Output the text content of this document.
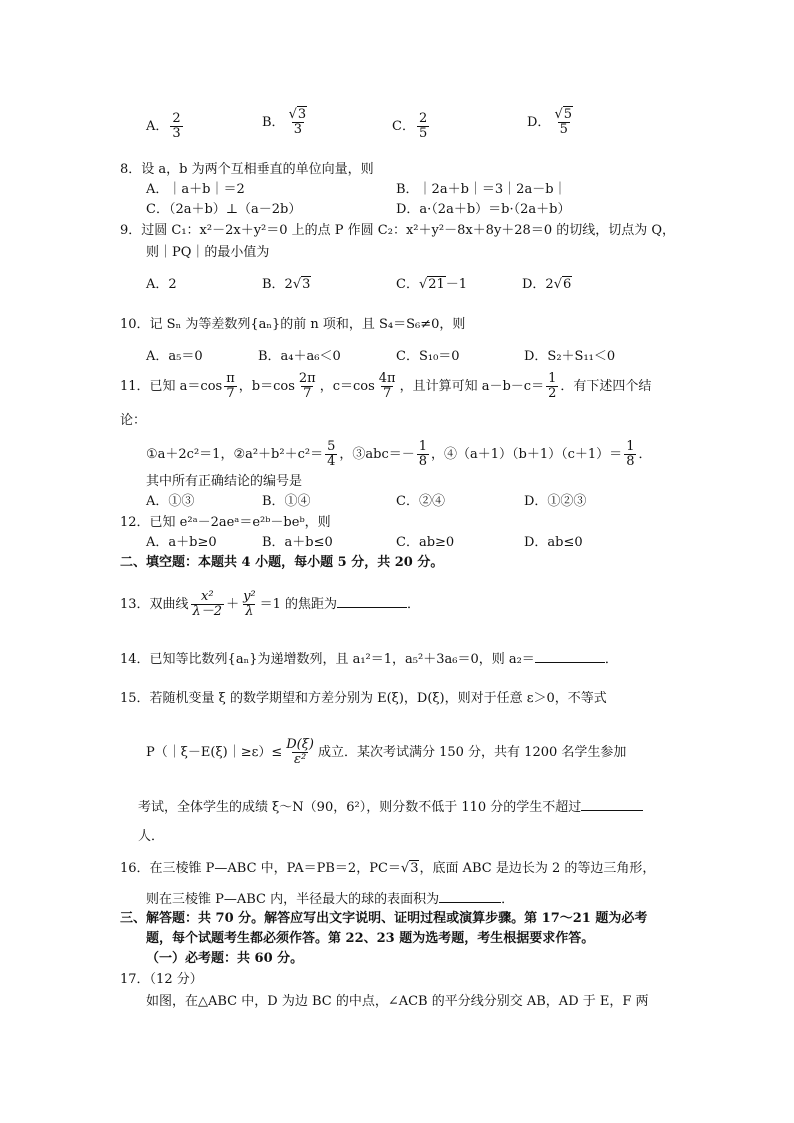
A． $\frac{2}{3}$	B． $\frac{√3}{3}$	C． $\frac{2}{5}$	D． $\frac{√5}{5}$
8．设 a，b 为两个互相垂直的单位向量，则
A．｜a＋b｜＝2	B．｜2a＋b｜＝3｜2a－b｜
C．（2a＋b）⊥（a－2b）	D．a·（2a＋b）＝b·（2a＋b）
9．过圆 C₁：x²－2x＋y²＝0 上的点 P 作圆 C₂：x²＋y²－8x＋8y＋28＝0 的切线，切点为 Q，
则｜PQ｜的最小值为
A．2	B．2√3	C．√21－1	D．2√6
10．记 Sₙ 为等差数列{aₙ}的前 n 项和，且 S₄＝S₆≠0，则
A．a₅＝0	B．a₄＋a₆＜0	C．S₁₀＝0	D．S₂＋S₁₁＜0
11．已知 $a=\cos \frac{\pi}{7}$ ，$b=\cos \frac{2\pi}{7}$ ，$c=\cos \frac{4\pi}{7}$ ，且计算可知 $a-b-c= \frac{1}{2}$ ．有下述四个结
论：
①a＋2c²＝1，②a²＋b²＋c²＝ $\frac{5}{4}$ ，③abc＝－ $\frac{1}{8}$ ，④（a＋1）（b＋1）（c＋1）＝ $\frac{1}{8}$ ．
其中所有正确结论的编号是
A．①③	B．①④	C．②④	D．①②③
12．已知 e²ᵃ－2aeᵃ＝e²ᵇ－beᵇ，则
A．a＋b≥0	B．a＋b≤0	C．ab≥0	D．ab≤0
二、填空题：本题共 4 小题，每小题 5 分，共 20 分。
13．双曲线 $\frac{\text{x²}}{\lambda-2} + \frac{\text{y²}}{\lambda} =1$ 的焦距为	．
14．已知等比数列{aₙ}为递增数列，且 a₁²＝1，a₅²＋3a₆＝0，则 a₂＝	．
15．若随机变量 ξ 的数学期望和方差分别为 E(ξ)，D(ξ)，则对于任意 ε＞0，不等式
P（｜ξ－E(ξ)｜≥ε）≤ $\frac{D(\xi)}{\text{ε²}}$ 成立．某次考试满分 150 分，共有 1200 名学生参加
考试，全体学生的成绩 ξ～N（90，6²），则分数不低于 110 分的学生不超过
人．
16．在三棱锥 P—ABC 中，PA＝PB＝2，PC＝√3，底面 ABC 是边长为 2 的等边三角形，
则在三棱锥 P—ABC 内，半径最大的球的表面积为	．
三、解答题：共 70 分。解答应写出文字说明、证明过程或演算步骤。第 17～21 题为必考
题，每个试题考生都必须作答。第 22、23 题为选考题，考生根据要求作答。
（一）必考题：共 60 分。
17．（12 分）
如图，在△ABC 中，D 为边 BC 的中点，∠ACB 的平分线分别交 AB，AD 于 E，F 两
